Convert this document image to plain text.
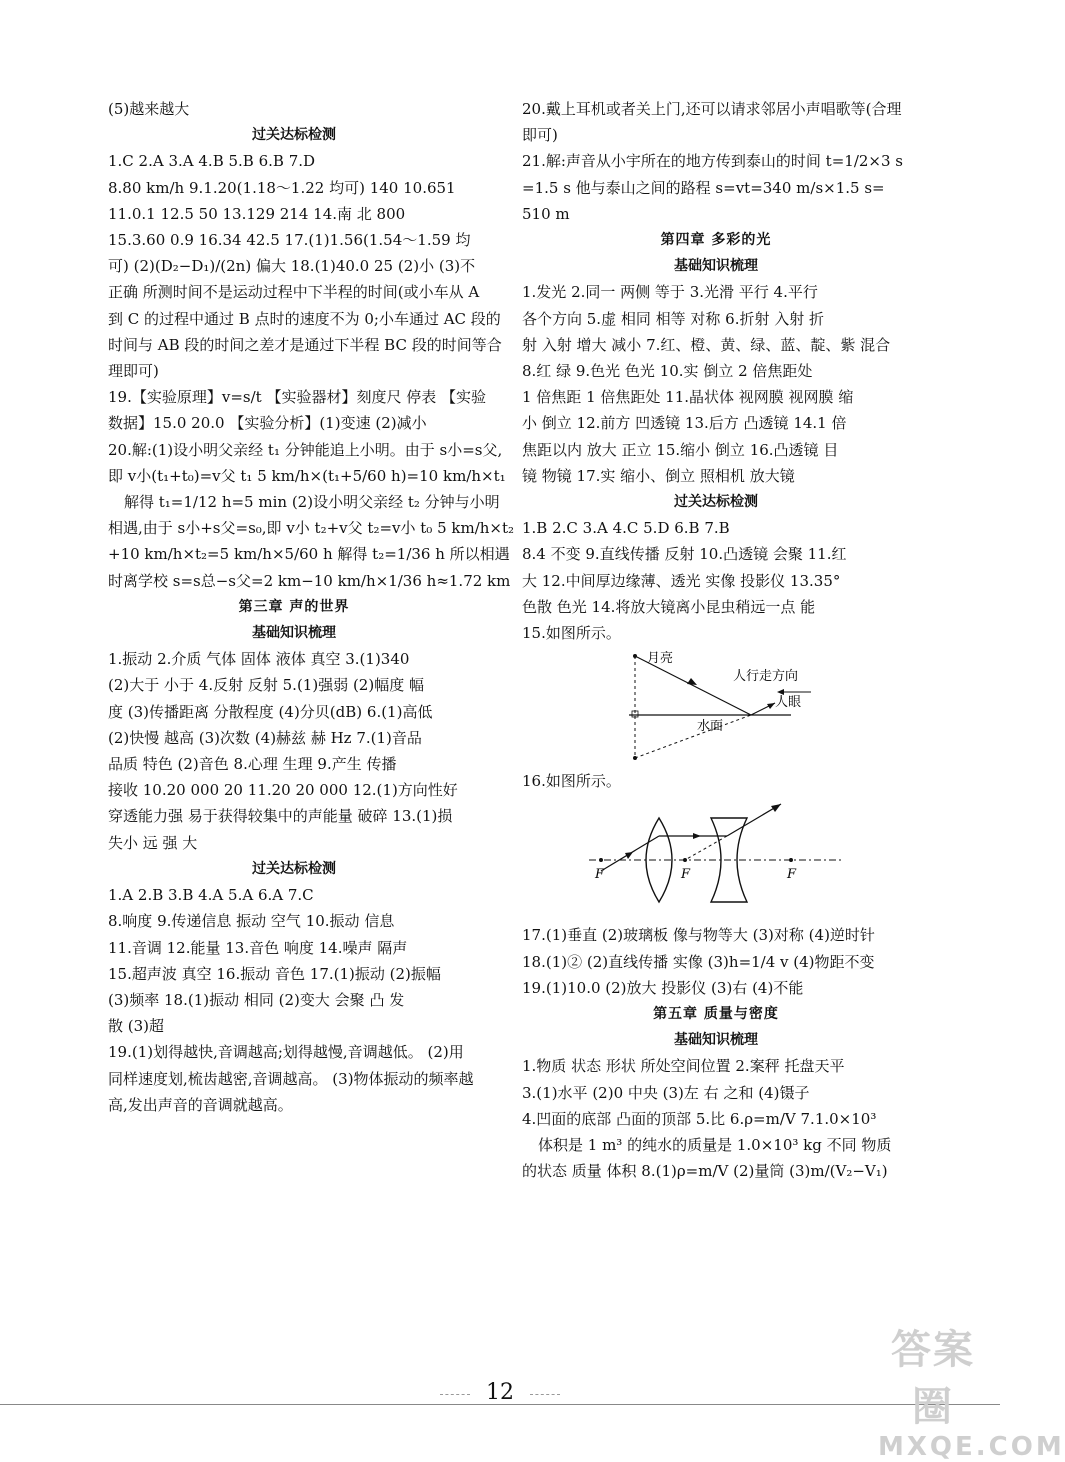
(5)越来越大
过关达标检测
1.C 2.A 3.A 4.B 5.B 6.B 7.D
8.80 km/h 9.1.20(1.18～1.22 均可) 140 10.651
11.0.1 12.5 50 13.129 214 14.南 北 800
15.3.60 0.9 16.34 42.5 17.(1)1.56(1.54～1.59 均
可) (2)(D₂−D₁)/(2n) 偏大 18.(1)40.0 25 (2)小 (3)不
正确 所测时间不是运动过程中下半程的时间(或小车从 A
到 C 的过程中通过 B 点时的速度不为 0;小车通过 AC 段的
时间与 AB 段的时间之差才是通过下半程 BC 段的时间等合
理即可)
19.【实验原理】v=s/t 【实验器材】刻度尺 停表 【实验
数据】15.0 20.0 【实验分析】(1)变速 (2)减小
20.解:(1)设小明父亲经 t₁ 分钟能追上小明。由于 s小=s父,
即 v小(t₁+t₀)=v父 t₁ 5 km/h×(t₁+5/60 h)=10 km/h×t₁
解得 t₁=1/12 h=5 min (2)设小明父亲经 t₂ 分钟与小明
相遇,由于 s小+s父=s₀,即 v小 t₂+v父 t₂=v小 t₀ 5 km/h×t₂
+10 km/h×t₂=5 km/h×5/60 h 解得 t₂=1/36 h 所以相遇
时离学校 s=s总−s父=2 km−10 km/h×1/36 h≈1.72 km
第三章 声的世界
基础知识梳理
1.振动 2.介质 气体 固体 液体 真空 3.(1)340
(2)大于 小于 4.反射 反射 5.(1)强弱 (2)幅度 幅
度 (3)传播距离 分散程度 (4)分贝(dB) 6.(1)高低
(2)快慢 越高 (3)次数 (4)赫兹 赫 Hz 7.(1)音品
品质 特色 (2)音色 8.心理 生理 9.产生 传播
接收 10.20 000 20 11.20 20 000 12.(1)方向性好
穿透能力强 易于获得较集中的声能量 破碎 13.(1)损
失小 远 强 大
过关达标检测
1.A 2.B 3.B 4.A 5.A 6.A 7.C
8.响度 9.传递信息 振动 空气 10.振动 信息
11.音调 12.能量 13.音色 响度 14.噪声 隔声
15.超声波 真空 16.振动 音色 17.(1)振动 (2)振幅
(3)频率 18.(1)振动 相同 (2)变大 会聚 凸 发
散 (3)超
19.(1)划得越快,音调越高;划得越慢,音调越低。 (2)用
同样速度划,梳齿越密,音调越高。 (3)物体振动的频率越
高,发出声音的音调就越高。
20.戴上耳机或者关上门,还可以请求邻居小声唱歌等(合理
即可)
21.解:声音从小宇所在的地方传到泰山的时间 t=1/2×3 s
=1.5 s 他与泰山之间的路程 s=vt=340 m/s×1.5 s=
510 m
第四章 多彩的光
基础知识梳理
1.发光 2.同一 两侧 等于 3.光滑 平行 4.平行
各个方向 5.虚 相同 相等 对称 6.折射 入射 折
射 入射 增大 减小 7.红、橙、黄、绿、蓝、靛、紫 混合
8.红 绿 9.色光 色光 10.实 倒立 2 倍焦距处
1 倍焦距 1 倍焦距处 11.晶状体 视网膜 视网膜 缩
小 倒立 12.前方 凹透镜 13.后方 凸透镜 14.1 倍
焦距以内 放大 正立 15.缩小 倒立 16.凸透镜 目
镜 物镜 17.实 缩小、倒立 照相机 放大镜
过关达标检测
1.B 2.C 3.A 4.C 5.D 6.B 7.B
8.4 不变 9.直线传播 反射 10.凸透镜 会聚 11.红
大 12.中间厚边缘薄、透光 实像 投影仪 13.35°
色散 色光 14.将放大镜离小昆虫稍远一点 能
15.如图所示。
月亮
人行走方向
人眼
水面
16.如图所示。
F	F	F
17.(1)垂直 (2)玻璃板 像与物等大 (3)对称 (4)逆时针
18.(1)② (2)直线传播 实像 (3)h=1/4 v (4)物距不变
19.(1)10.0 (2)放大 投影仪 (3)右 (4)不能
第五章 质量与密度
基础知识梳理
1.物质 状态 形状 所处空间位置 2.案秤 托盘天平
3.(1)水平 (2)0 中央 (3)左 右 之和 (4)镊子
4.凹面的底部 凸面的顶部 5.比 6.ρ=m/V 7.1.0×10³
体积是 1 m³ 的纯水的质量是 1.0×10³ kg 不同 物质
的状态 质量 体积 8.(1)ρ=m/V (2)量筒 (3)m/(V₂−V₁)
12
答案圈
MXQE.COM
